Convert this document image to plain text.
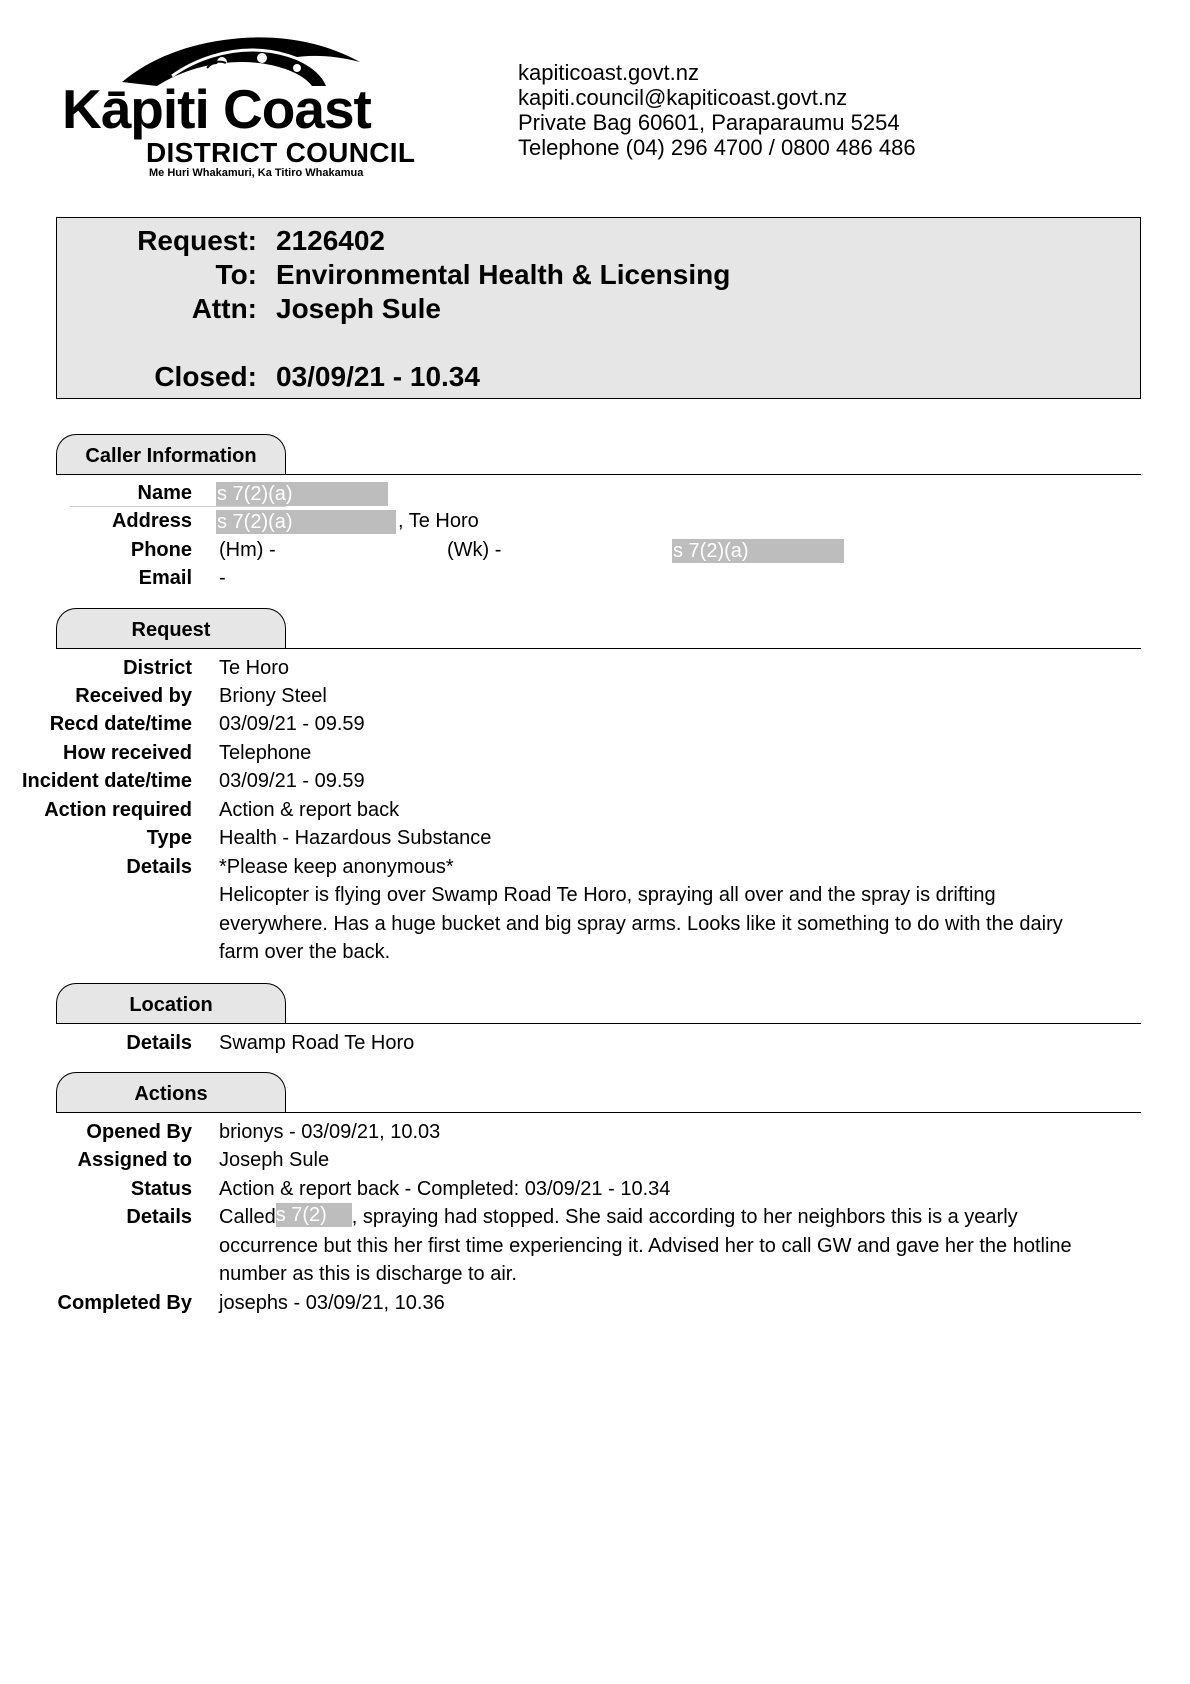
Kāpiti Coast
DISTRICT COUNCIL
Me Huri Whakamuri, Ka Titiro Whakamua
kapiticoast.govt.nz
kapiti.council@kapiticoast.govt.nz
Private Bag 60601, Paraparaumu 5254
Telephone (04) 296 4700 / 0800 486 486
Request: 2126402
To: Environmental Health & Licensing
Attn: Joseph Sule
Closed: 03/09/21 - 10.34
Caller Information
Name s 7(2)(a)
Address s 7(2)(a)	, Te Horo
Phone (Hm) -	(Wk) -	s 7(2)(a)
Email -
Request
District Te Horo
Received by Briony Steel
Recd date/time 03/09/21 - 09.59
How received Telephone
Incident date/time 03/09/21 - 09.59
Action required Action & report back
Type Health - Hazardous Substance
Details *Please keep anonymous*
Helicopter is flying over Swamp Road Te Horo, spraying all over and the spray is drifting everywhere. Has a huge bucket and big spray arms. Looks like it something to do with the dairy farm over the back.
Location
Details Swamp Road Te Horo
Actions
Opened By brionys - 03/09/21, 10.03
Assigned to Joseph Sule
Status Action & report back - Completed: 03/09/21 - 10.34
Details Calleds 7(2) , spraying had stopped. She said according to her neighbors this is a yearly occurrence but this her first time experiencing it. Advised her to call GW and gave her the hotline number as this is discharge to air.
Completed By josephs - 03/09/21, 10.36
